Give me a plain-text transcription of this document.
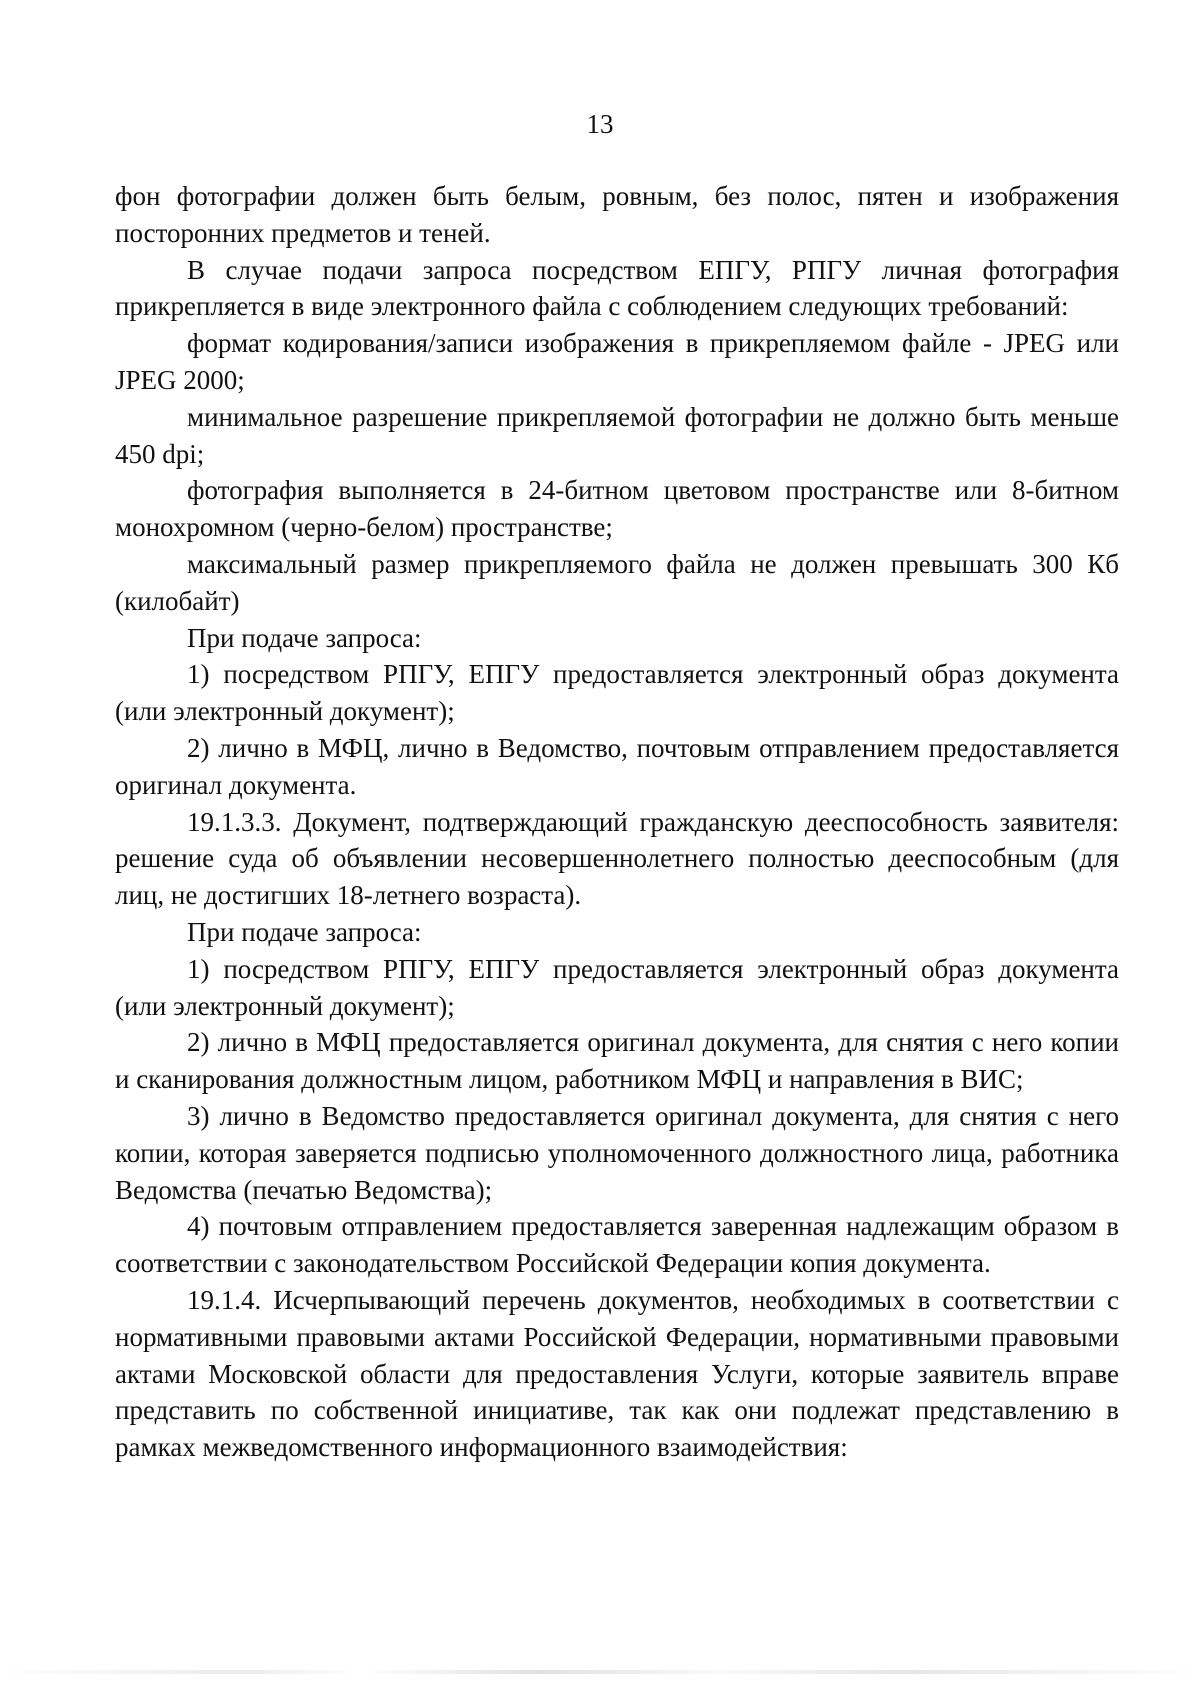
13

фон фотографии должен быть белым, ровным, без полос, пятен и изображения посторонних предметов и теней.

В случае подачи запроса посредством ЕПГУ, РПГУ личная фотография прикрепляется в виде электронного файла с соблюдением следующих требований:

формат кодирования/записи изображения в прикрепляемом файле - JPEG или JPEG 2000;

минимальное разрешение прикрепляемой фотографии не должно быть меньше 450 dpi;

фотография выполняется в 24-битном цветовом пространстве или 8-битном монохромном (черно-белом) пространстве;

максимальный размер прикрепляемого файла не должен превышать 300 Кб (килобайт)

При подаче запроса:

1) посредством РПГУ, ЕПГУ предоставляется электронный образ документа (или электронный документ);

2) лично в МФЦ, лично в Ведомство, почтовым отправлением предоставляется оригинал документа.

19.1.3.3. Документ, подтверждающий гражданскую дееспособность заявителя: решение суда об объявлении несовершеннолетнего полностью дееспособным (для лиц, не достигших 18-летнего возраста).

При подаче запроса:

1) посредством РПГУ, ЕПГУ предоставляется электронный образ документа (или электронный документ);

2) лично в МФЦ предоставляется оригинал документа, для снятия с него копии и сканирования должностным лицом, работником МФЦ и направления в ВИС;

3) лично в Ведомство предоставляется оригинал документа, для снятия с него копии, которая заверяется подписью уполномоченного должностного лица, работника Ведомства (печатью Ведомства);

4) почтовым отправлением предоставляется заверенная надлежащим образом в соответствии с законодательством Российской Федерации копия документа.

19.1.4. Исчерпывающий перечень документов, необходимых в соответствии с нормативными правовыми актами Российской Федерации, нормативными правовыми актами Московской области для предоставления Услуги, которые заявитель вправе представить по собственной инициативе, так как они подлежат представлению в рамках межведомственного информационного взаимодействия:
